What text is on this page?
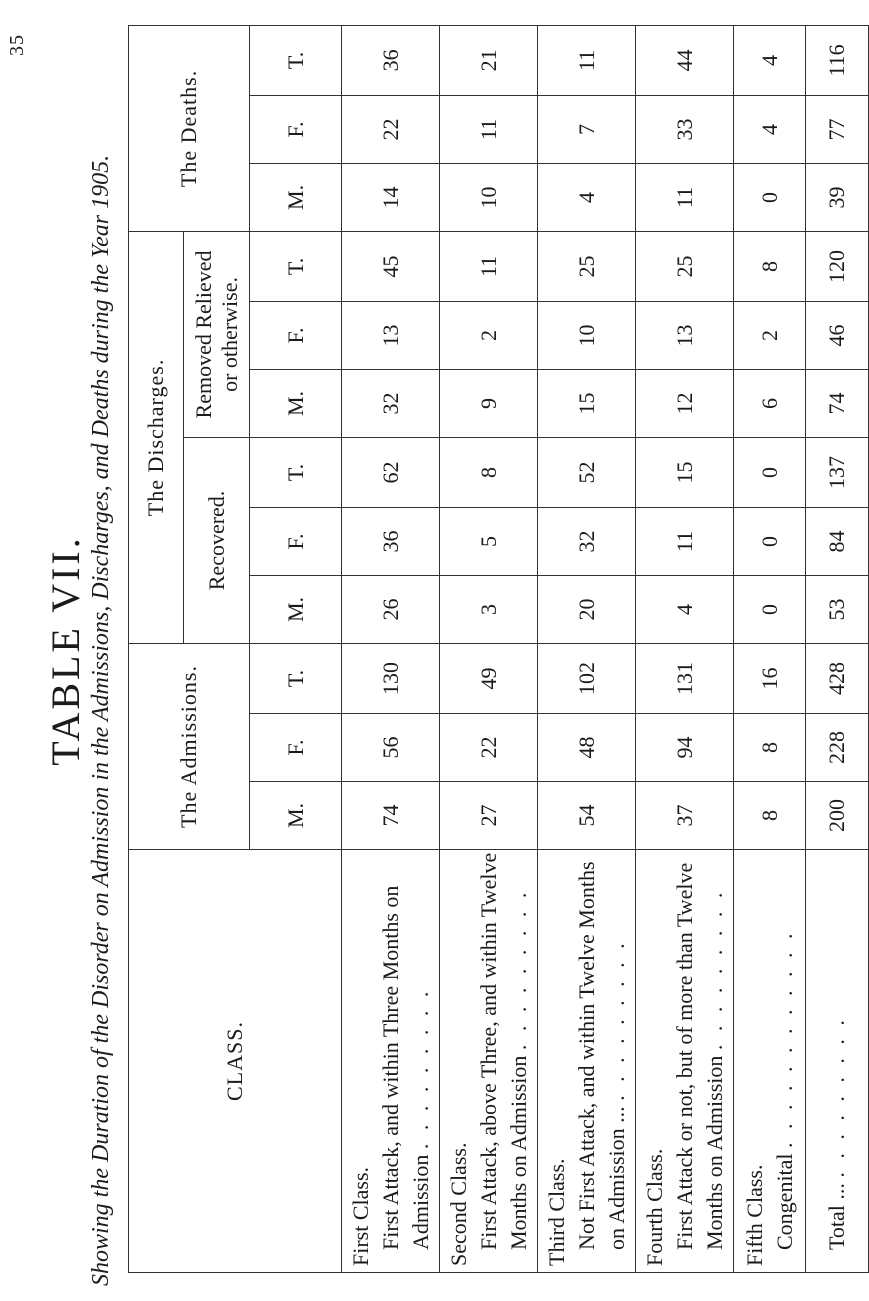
35
TABLE VII. Showing the Duration of the Disorder on Admission in the Admissions, Discharges, and Deaths during the Year 1905.	CLASS.	The Admissions.			The Discharges.						The Deaths.		
				Recovered.			Removed Relieved or otherwise.					

	M.	F.	T.	M.	F.	T.	M.	F.	T.	M.	F.	T.

First Class. First Attack, and within Three Months on Admission . . . . . . . . .	74	56	130	26	36	62	32	13	45	14	22	36

Second Class. First Attack, above Three, and within Twelve Months on Admission . . . . . . . . .	27	22	49	3	5	8	9	2	11	10	11	21

Third Class. Not First Attack, and within Twelve Months on Admission ... . . . . . . . . .	54	48	102	20	32	52	15	10	25	4	7	11

Fourth Class. First Attack or not, but of more than Twelve Months on Admission . . . . . . . . .	37	94	131	4	11	15	12	13	25	11	33	44

Fifth Class. Congenital . . . . . . . . . . . .	8	8	16	0	0	0	6	2	8	0	4	4

Total ... . . . . . . . . .	200	228	428	53	84	137	74	46	120	39	77	116
